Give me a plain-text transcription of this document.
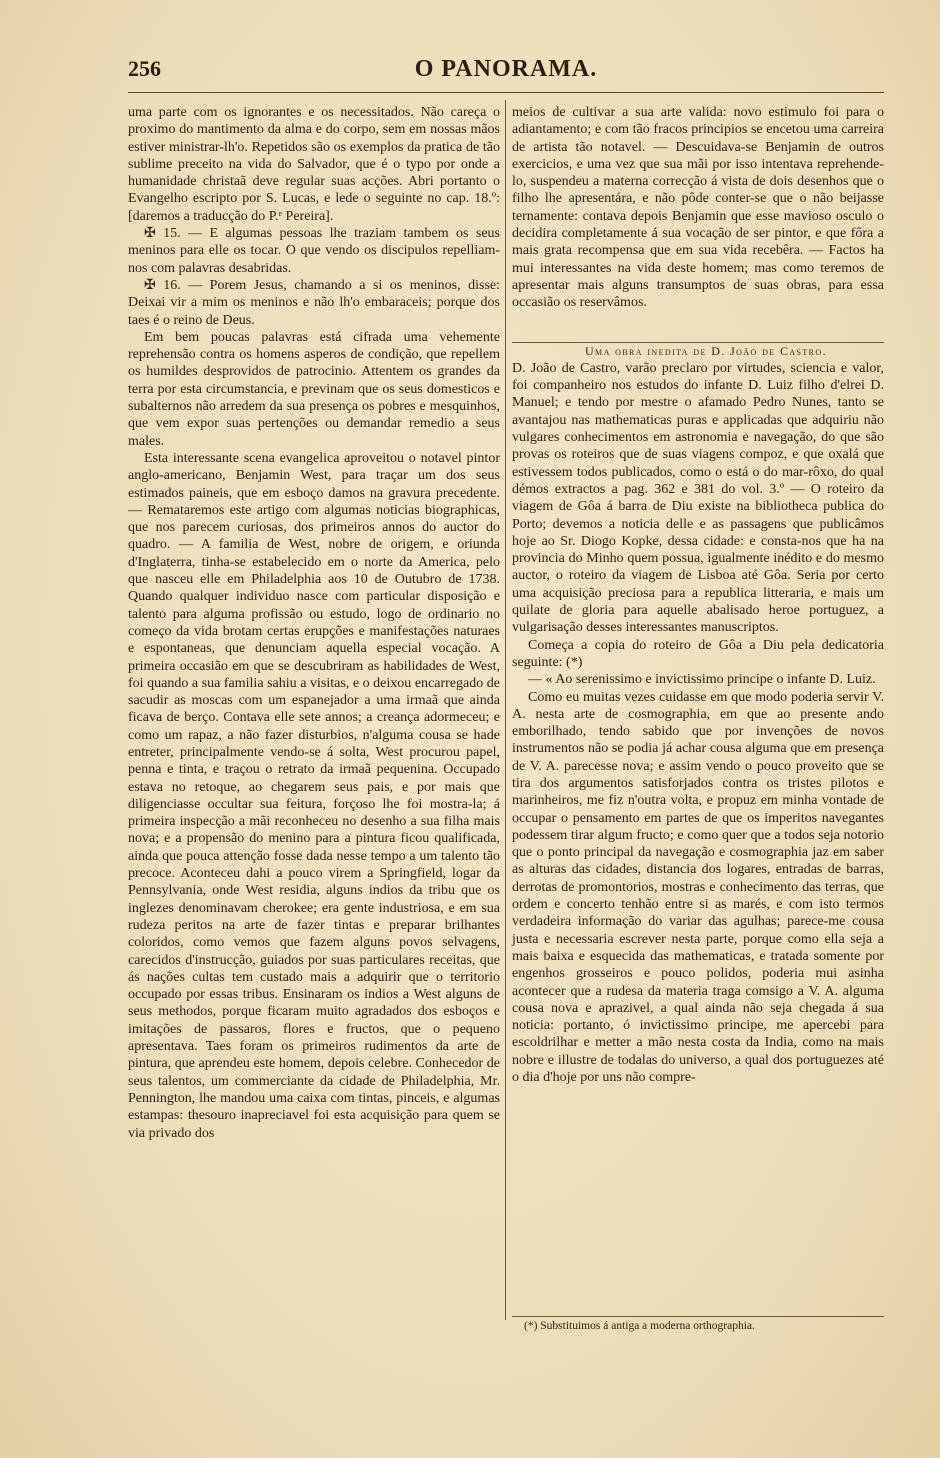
256	O PANORAMA.

uma parte com os ignorantes e os necessitados. Não careça o proximo do mantimento da alma e do corpo, sem em nossas mãos estiver ministrar-lh'o. Repetidos são os exemplos da pratica de tão sublime preceito na vida do Salvador, que é o typo por onde a humanidade christaã deve regular suas acções. Abri portanto o Evangelho escripto por S. Lucas, e lede o seguinte no cap. 18.º: [daremos a traducção do P.ᵉ Pereira].

✠ 15. — E algumas pessoas lhe traziam tambem os seus meninos para elle os tocar. O que vendo os discipulos repelliam-nos com palavras desabridas.

✠ 16. — Porem Jesus, chamando a si os meninos, disse: Deixai vir a mim os meninos e não lh'o embaraceis; porque dos taes é o reino de Deus.

Em bem poucas palavras está cifrada uma vehemente reprehensão contra os homens asperos de condição, que repellem os humildes desprovidos de patrocinio. Attentem os grandes da terra por esta circumstancia, e previnam que os seus domesticos e subalternos não arredem da sua presença os pobres e mesquinhos, que vem expor suas pertenções ou demandar remedio a seus males.

Esta interessante scena evangelica aproveitou o notavel pintor anglo-americano, Benjamin West, para traçar um dos seus estimados paineis, que em esboço damos na gravura precedente. — Remataremos este artigo com algumas noticias biographicas, que nos parecem curiosas, dos primeiros annos do auctor do quadro. — A familia de West, nobre de origem, e oriunda d'Inglaterra, tinha-se estabelecido em o norte da America, pelo que nasceu elle em Philadelphia aos 10 de Outubro de 1738. Quando qualquer individuo nasce com particular disposição e talento para alguma profissão ou estudo, logo de ordinario no começo da vida brotam certas erupções e manifestações naturaes e espontaneas, que denunciam aquella especial vocação. A primeira occasião em que se descubriram as habilidades de West, foi quando a sua familia sahiu a visitas, e o deixou encarregado de sacudir as moscas com um espanejador a uma irmaã que ainda ficava de berço. Contava elle sete annos; a creança adormeceu; e como um rapaz, a não fazer disturbios, n'alguma cousa se hade entreter, principalmente vendo-se á solta, West procurou papel, penna e tinta, e traçou o retrato da irmaã pequenina. Occupado estava no retoque, ao chegarem seus pais, e por mais que diligenciasse occultar sua feitura, forçoso lhe foi mostra-la; á primeira inspecção a mãi reconheceu no desenho a sua filha mais nova; e a propensão do menino para a pintura ficou qualificada, ainda que pouca attenção fosse dada nesse tempo a um talento tão precoce. Aconteceu dahi a pouco virem a Springfield, logar da Pennsylvania, onde West residia, alguns indios da tribu que os inglezes denominavam cherokee; era gente industriosa, e em sua rudeza peritos na arte de fazer tintas e preparar brilhantes coloridos, como vemos que fazem alguns povos selvagens, carecidos d'instrucção, guiados por suas particulares receitas, que ás nações cultas tem custado mais a adquirir que o territorio occupado por essas tribus. Ensinaram os indios a West alguns de seus methodos, porque ficaram muito agradados dos esboços e imitações de passaros, flores e fructos, que o pequeno apresentava. Taes foram os primeiros rudimentos da arte de pintura, que aprendeu este homem, depois celebre. Conhecedor de seus talentos, um commerciante da cidade de Philadelphia, Mr. Pennington, lhe mandou uma caixa com tintas, pinceis, e algumas estampas: thesouro inapreciavel foi esta acquisição para quem se via privado dos

meios de cultivar a sua arte valida: novo estimulo foi para o adiantamento; e com tão fracos principios se encetou uma carreira de artista tão notavel. — Descuidava-se Benjamin de outros exercicios, e uma vez que sua mãi por isso intentava reprehende-lo, suspendeu a materna correcção á vista de dois desenhos que o filho lhe apresentára, e não pôde conter-se que o não beijasse ternamente: contava depois Benjamin que esse mavioso osculo o decidira completamente á sua vocação de ser pintor, e que fôra a mais grata recompensa que em sua vida recebêra. — Factos ha mui interessantes na vida deste homem; mas como teremos de apresentar mais alguns transumptos de suas obras, para essa occasião os reservâmos.

Uma obra inedita de D. João de Castro.

D. João de Castro, varão preclaro por virtudes, sciencia e valor, foi companheiro nos estudos do infante D. Luiz filho d'elrei D. Manuel; e tendo por mestre o afamado Pedro Nunes, tanto se avantajou nas mathematicas puras e applicadas que adquiriu não vulgares conhecimentos em astronomia e navegação, do que são provas os roteiros que de suas viagens compoz, e que oxalá que estivessem todos publicados, como o está o do mar-rôxo, do qual démos extractos a pag. 362 e 381 do vol. 3.º — O roteiro da viagem de Gôa á barra de Diu existe na bibliotheca publica do Porto; devemos a noticia delle e as passagens que publicâmos hoje ao Sr. Diogo Kopke, dessa cidade: e consta-nos que ha na provincia do Minho quem possua, igualmente inédito e do mesmo auctor, o roteiro da viagem de Lisboa até Gôa. Seria por certo uma acquisição preciosa para a republica litteraria, e mais um quilate de gloria para aquelle abalisado heroe portuguez, a vulgarisação desses interessantes manuscriptos.

Começa a copia do roteiro de Gôa a Diu pela dedicatoria seguinte: (*)

— « Ao serenissimo e invictissimo principe o infante D. Luiz.

Como eu muitas vezes cuidasse em que modo poderia servir V. A. nesta arte de cosmographia, em que ao presente ando emborilhado, tendo sabido que por invenções de novos instrumentos não se podia já achar cousa alguma que em presença de V. A. parecesse nova; e assim vendo o pouco proveito que se tira dos argumentos satisforjados contra os tristes pilotos e marinheiros, me fiz n'outra volta, e propuz em minha vontade de occupar o pensamento em partes de que os imperitos navegantes podessem tirar algum fructo; e como quer que a todos seja notorio que o ponto principal da navegação e cosmographia jaz em saber as alturas das cidades, distancia dos logares, entradas de barras, derrotas de promontorios, mostras e conhecimento das terras, que ordem e concerto tenhão entre si as marés, e com isto termos verdadeira informação do variar das agulhas; parece-me cousa justa e necessaria escrever nesta parte, porque como ella seja a mais baixa e esquecida das mathematicas, e tratada somente por engenhos grosseiros e pouco polidos, poderia mui asinha acontecer que a rudesa da materia traga comsigo a V. A. alguma cousa nova e aprazivel, a qual ainda não seja chegada á sua noticia: portanto, ó invictissimo principe, me apercebi para escoldrilhar e metter a mão nesta costa da India, como na mais nobre e illustre de todalas do universo, a qual dos portuguezes até o dia d'hoje por uns não compre-

(*) Substituimos á antiga a moderna orthographia.
